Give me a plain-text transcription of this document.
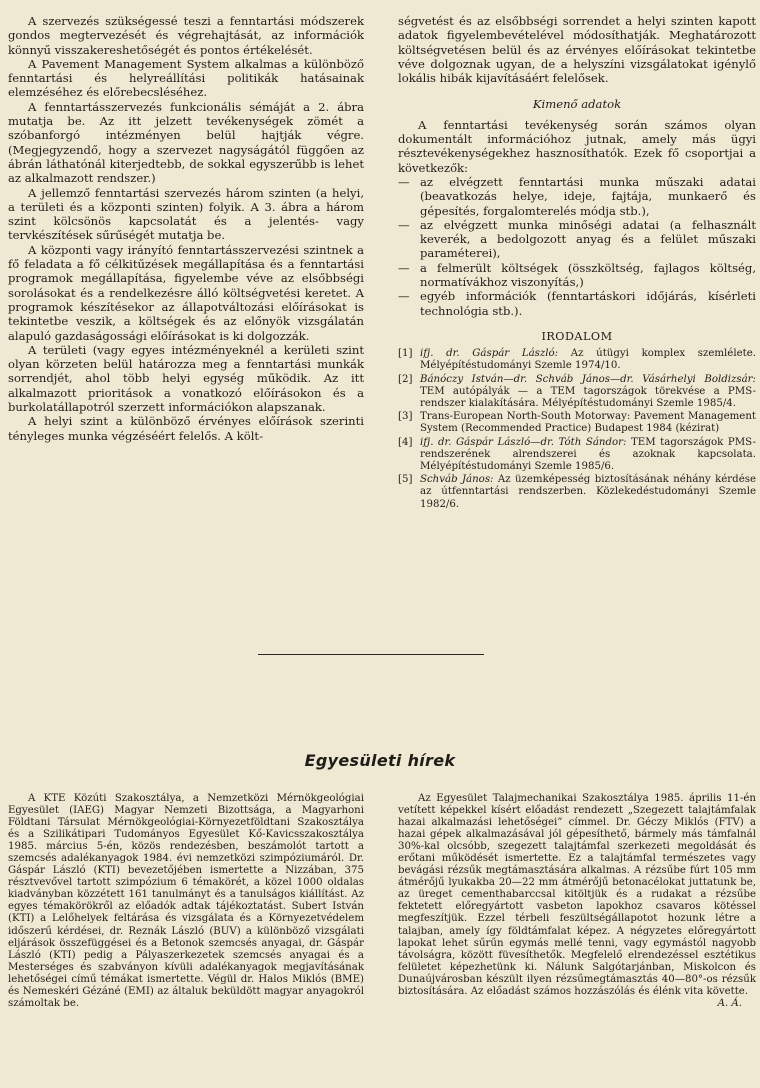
A szervezés szükségessé teszi a fenntartási módszerek gondos megtervezését és végrehajtását, az információk könnyű visszakereshetőségét és pontos értékelését.

A Pavement Management System alkalmas a különböző fenntartási és helyreállítási politikák hatásainak elemzéséhez és előrebecsléséhez.

A fenntartásszervezés funkcionális sémáját a 2. ábra mutatja be. Az itt jelzett tevékenységek zömét a szóbanforgó intézményen belül hajtják végre. (Megjegyzendő, hogy a szervezet nagyságától függően az ábrán láthatónál kiterjedtebb, de sokkal egyszerűbb is lehet az alkalmazott rendszer.)

A jellemző fenntartási szervezés három szinten (a helyi, a területi és a központi szinten) folyik. A 3. ábra a három szint kölcsönös kapcsolatát és a jelentés- vagy tervkészítések sűrűségét mutatja be.

A központi vagy irányító fenntartásszervezési szintnek a fő feladata a fő célkitűzések megállapítása és a fenntartási programok megállapítása, figyelembe véve az elsőbbségi sorolásokat és a rendelkezésre álló költségvetési keretet. A programok készítésekor az állapotváltozási előírásokat is tekintetbe veszik, a költségek és az előnyök vizsgálatán alapuló gazdaságossági előírásokat is ki dolgozzák.

A területi (vagy egyes intézményeknél a kerületi szint olyan körzeten belül határozza meg a fenntartási munkák sorrendjét, ahol több helyi egység működik. Az itt alkalmazott prioritások a vonatkozó előírásokon és a burkolatállapotról szerzett információkon alapszanak.

A helyi szint a különböző érvényes előírások szerinti tényleges munka végzéséért felelős. A költ-

ségvetést és az elsőbbségi sorrendet a helyi szinten kapott adatok figyelembevételével módosíthatják. Meghatározott költségvetésen belül és az érvényes előírásokat tekintetbe véve dolgoznak ugyan, de a helyszíni vizsgálatokat igénylő lokális hibák kijavításáért felelősek.

Kimenő adatok

A fenntartási tevékenység során számos olyan dokumentált információhoz jutnak, amely más ügyi résztevékenységekhez hasznosíthatók. Ezek fő csoportjai a következők:

— az elvégzett fenntartási munka műszaki adatai (beavatkozás helye, ideje, fajtája, munkaerő és gépesítés, forgalomterelés módja stb.),
— az elvégzett munka minőségi adatai (a felhasznált keverék, a bedolgozott anyag és a felület műszaki paraméterei),
— a felmerült költségek (összköltség, fajlagos költség, normatívákhoz viszonyítás,)
— egyéb információk (fenntartáskori időjárás, kísérleti technológia stb.).
IRODALOM
[1] ifj. dr. Gáspár László: Az útügyi komplex szemlélete. Mélyépítéstudományi Szemle 1974/10.
[2] Bánóczy István—dr. Schváb János—dr. Vásárhelyi Boldizsár: TEM autópályák — a TEM tagországok törekvése a PMS-rendszer kialakítására. Mélyépítéstudományi Szemle 1985/4.
[3] Trans-European North-South Motorway: Pavement Management System (Recommended Practice) Budapest 1984 (kézirat)
[4] ifj. dr. Gáspár László—dr. Tóth Sándor: TEM tagországok PMS-rendszerének alrendszerei és azoknak kapcsolata. Mélyépítéstudományi Szemle 1985/6.
[5] Schváb János: Az üzemképesség biztosításának néhány kérdése az útfenntartási rendszerben. Közlekedéstudományi Szemle 1982/6.
Egyesületi hírek

A KTE Közúti Szakosztálya, a Nemzetközi Mérnökgeológiai Egyesület (IAEG) Magyar Nemzeti Bizottsága, a Magyarhoni Földtani Társulat Mérnökgeológiai-Környezetföldtani Szakosztálya és a Szilikátipari Tudományos Egyesület Kő-Kavicsszakosztálya 1985. március 5-én, közös rendezésben, beszámolót tartott a szemcsés adalékanyagok 1984. évi nemzetközi szimpóziumáról. Dr. Gáspár László (KTI) bevezetőjében ismertette a Nizzában, 375 résztvevővel tartott szimpózium 6 témakörét, a közel 1000 oldalas kiadványban közzétett 161 tanulmányt és a tanulságos kiállítást. Az egyes témakörökről az előadók adtak tájékoztatást. Subert István (KTI) a Lelőhelyek feltárása és vizsgálata és a Környezetvédelem időszerű kérdései, dr. Reznák László (BUV) a különböző vizsgálati eljárások összefüggései és a Betonok szemcsés anyagai, dr. Gáspár László (KTI) pedig a Pályaszerkezetek szemcsés anyagai és a Mesterséges és szabványon kívüli adalékanyagok megjavításának lehetőségei című témákat ismertette. Végül dr. Halos Miklós (BME) és Nemeskéri Gézáné (EMI) az általuk beküldött magyar anyagokról számoltak be.

Az Egyesület Talajmechanikai Szakosztálya 1985. április 11-én vetített képekkel kísért előadást rendezett „Szegezett talajtámfalak hazai alkalmazási lehetőségei” címmel. Dr. Géczy Miklós (FTV) a hazai gépek alkalmazásával jól gépesíthető, bármely más támfalnál 30%-kal olcsóbb, szegezett talajtámfal szerkezeti megoldását és erőtani működését ismertette. Ez a talajtámfal természetes vagy bevágási rézsűk megtámasztására alkalmas. A rézsűbe fúrt 105 mm átmérőjű lyukakba 20—22 mm átmérőjű betonacélokat juttatunk be, az üreget cementhabarccsal kitöltjük és a rudakat a rézsűbe fektetett előregyártott vasbeton lapokhoz csavaros kötéssel megfeszítjük. Ezzel térbeli feszültségállapotot hozunk létre a talajban, amely így földtámfalat képez. A négyzetes előregyártott lapokat lehet sűrűn egymás mellé tenni, vagy egymástól nagyobb távolságra, között füvesíthetők. Megfelelő elrendezéssel esztétikus felületet képezhetünk ki. Nálunk Salgótarjánban, Miskolcon és Dunaújvárosban készült ilyen rézsűmegtámasztás 40—80°-os rézsűk biztosítására. Az előadást számos hozzászólás és élénk vita követte.

A. Á.
